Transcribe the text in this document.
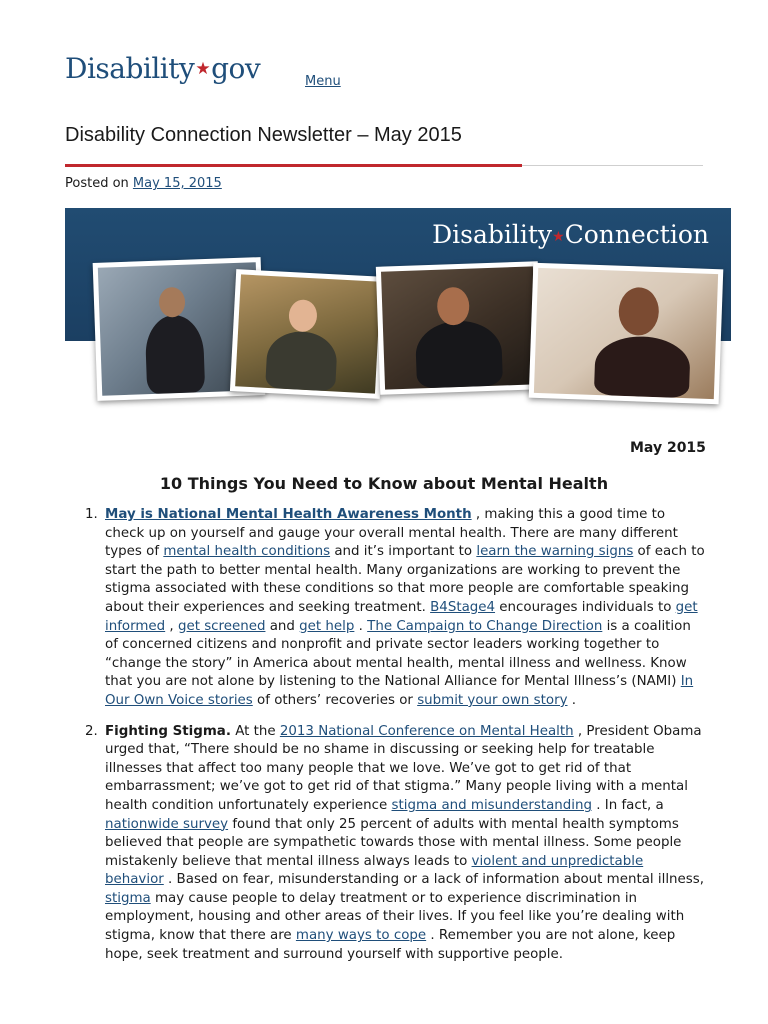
Disability★gov	Menu
Disability Connection Newsletter – May 2015
Posted on May 15, 2015
Disability★Connection
May 2015
10 Things You Need to Know about Mental Health
1. May is National Mental Health Awareness Month , making this a good time to check up on yourself and gauge your overall mental health. There are many different types of mental health conditions and it’s important to learn the warning signs of each to start the path to better mental health. Many organizations are working to prevent the stigma associated with these conditions so that more people are comfortable speaking about their experiences and seeking treatment. B4Stage4 encourages individuals to get informed , get screened and get help . The Campaign to Change Direction is a coalition of concerned citizens and nonprofit and private sector leaders working together to “change the story” in America about mental health, mental illness and wellness. Know that you are not alone by listening to the National Alliance for Mental Illness’s (NAMI) In Our Own Voice stories of others’ recoveries or submit your own story .
2. Fighting Stigma. At the 2013 National Conference on Mental Health , President Obama urged that, “There should be no shame in discussing or seeking help for treatable illnesses that affect too many people that we love. We’ve got to get rid of that embarrassment; we’ve got to get rid of that stigma.” Many people living with a mental health condition unfortunately experience stigma and misunderstanding . In fact, a nationwide survey found that only 25 percent of adults with mental health symptoms believed that people are sympathetic towards those with mental illness. Some people mistakenly believe that mental illness always leads to violent and unpredictable behavior . Based on fear, misunderstanding or a lack of information about mental illness, stigma may cause people to delay treatment or to experience discrimination in employment, housing and other areas of their lives. If you feel like you’re dealing with stigma, know that there are many ways to cope . Remember you are not alone, keep hope, seek treatment and surround yourself with supportive people.
